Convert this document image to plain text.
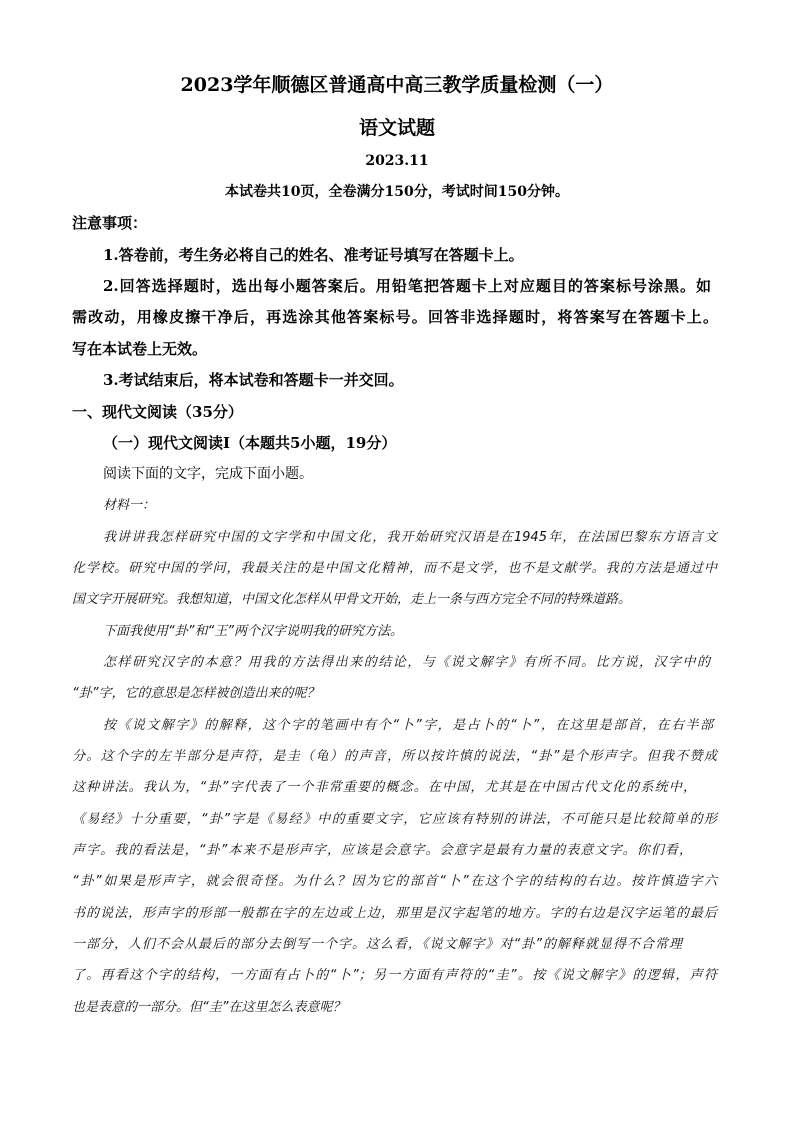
2023学年顺德区普通高中高三教学质量检测（一）
语文试题
2023.11
本试卷共10页，全卷满分150分，考试时间150分钟。
注意事项：
1.答卷前，考生务必将自己的姓名、准考证号填写在答题卡上。
2.回答选择题时，选出每小题答案后。用铅笔把答题卡上对应题目的答案标号涂黑。如
需改动，用橡皮擦干净后，再选涂其他答案标号。回答非选择题时，将答案写在答题卡上。
写在本试卷上无效。
3.考试结束后，将本试卷和答题卡一并交回。
一、现代文阅读（35分）
（一）现代文阅读Ⅰ（本题共5小题，19分）
阅读下面的文字，完成下面小题。
材料一：
我讲讲我怎样研究中国的文字学和中国文化，我开始研究汉语是在1945年，在法国巴黎东方语言文
化学校。研究中国的学问，我最关注的是中国文化精神，而不是文学，也不是文献学。我的方法是通过中
国文字开展研究。我想知道，中国文化怎样从甲骨文开始，走上一条与西方完全不同的特殊道路。
下面我使用“卦”和“王”两个汉字说明我的研究方法。
怎样研究汉字的本意？用我的方法得出来的结论，与《说文解字》有所不同。比方说，汉字中的
“卦”字，它的意思是怎样被创造出来的呢？
按《说文解字》的解释，这个字的笔画中有个“卜”字，是占卜的“卜”，在这里是部首，在右半部
分。这个字的左半部分是声符，是圭（龟）的声音，所以按许慎的说法，“卦”是个形声字。但我不赞成
这种讲法。我认为，“卦”字代表了一个非常重要的概念。在中国，尤其是在中国古代文化的系统中，
《易经》十分重要，“卦”字是《易经》中的重要文字，它应该有特别的讲法，不可能只是比较简单的形
声字。我的看法是，“卦”本来不是形声字，应该是会意字。会意字是最有力量的表意文字。你们看，
“卦”如果是形声字，就会很奇怪。为什么？因为它的部首“卜”在这个字的结构的右边。按许慎造字六
书的说法，形声字的形部一般都在字的左边或上边，那里是汉字起笔的地方。字的右边是汉字运笔的最后
一部分，人们不会从最后的部分去倒写一个字。这么看，《说文解字》对“卦”的解释就显得不合常理
了。再看这个字的结构，一方面有占卜的“卜”；另一方面有声符的“圭”。按《说文解字》的逻辑，声符
也是表意的一部分。但“圭”在这里怎么表意呢？
